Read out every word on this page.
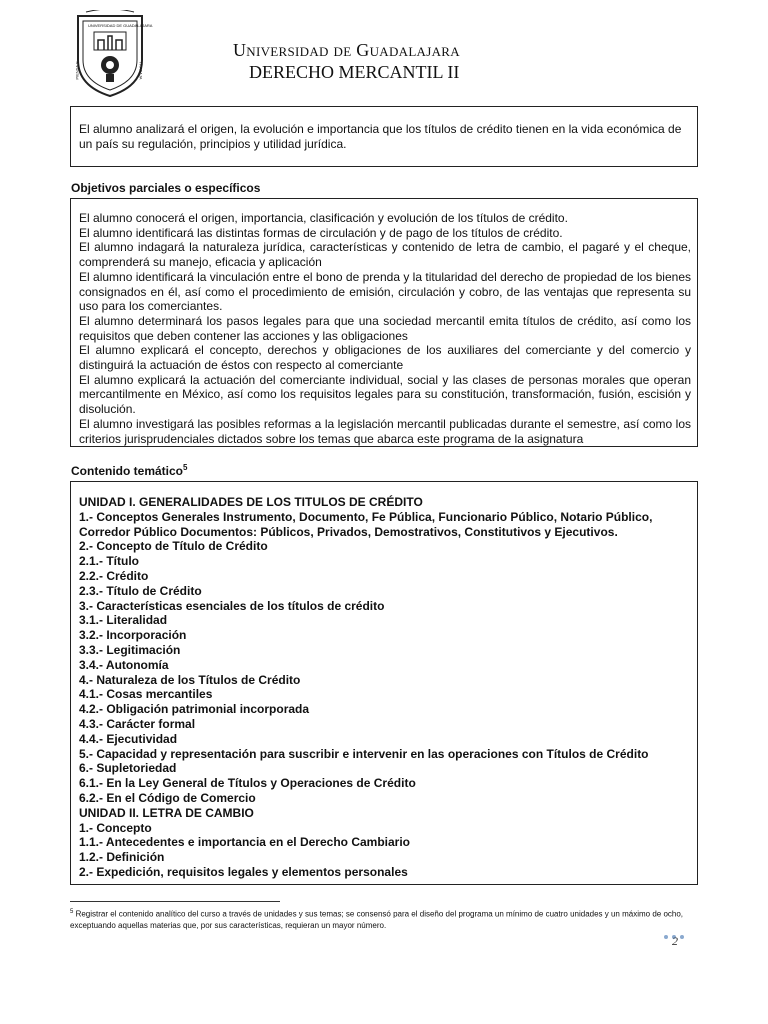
UNIVERSIDAD DE GUADALAJARA
PIENSA Y	TRABAJA
Universidad de Guadalajara
DERECHO MERCANTIL II

El alumno analizará el origen, la evolución e importancia que los títulos de crédito tienen en la vida económica de un país su regulación, principios y utilidad jurídica.

Objetivos parciales o específicos

El alumno conocerá el origen, importancia, clasificación y evolución de los títulos de crédito.

El alumno identificará las distintas formas de circulación y de pago de los títulos de crédito.

El alumno indagará la naturaleza jurídica, características y contenido de letra de cambio, el pagaré y el cheque, comprenderá su manejo, eficacia y aplicación

El alumno identificará la vinculación entre el bono de prenda y la titularidad del derecho de propiedad de los bienes consignados en él, así como el procedimiento de emisión, circulación y cobro, de las ventajas que representa su uso para los comerciantes.

El alumno determinará los pasos legales para que una sociedad mercantil emita títulos de crédito, así como los requisitos que deben contener las acciones y las obligaciones

El alumno explicará el concepto, derechos y obligaciones de los auxiliares del comerciante y del comercio y distinguirá la actuación de éstos con respecto al comerciante

El alumno explicará la actuación del comerciante individual, social y las clases de personas morales que operan mercantilmente en México, así como los requisitos legales para su constitución, transformación, fusión, escisión y disolución.

El alumno investigará las posibles reformas a la legislación mercantil publicadas durante el semestre, así como los criterios jurisprudenciales dictados sobre los temas que abarca este programa de la asignatura

Contenido temático$^5$
UNIDAD I. GENERALIDADES DE LOS TITULOS DE CRÉDITO
1.- Conceptos Generales Instrumento, Documento, Fe Pública, Funcionario Público, Notario Público, Corredor Público Documentos: Públicos, Privados, Demostrativos, Constitutivos y Ejecutivos.
2.- Concepto de Título de Crédito
2.1.- Título
2.2.- Crédito
2.3.- Título de Crédito
3.- Características esenciales de los títulos de crédito
3.1.- Literalidad
3.2.- Incorporación
3.3.- Legitimación
3.4.- Autonomía
4.- Naturaleza de los Títulos de Crédito
4.1.- Cosas mercantiles
4.2.- Obligación patrimonial incorporada
4.3.- Carácter formal
4.4.- Ejecutividad
5.- Capacidad y representación para suscribir e intervenir en las operaciones con Títulos de Crédito
6.- Supletoriedad
6.1.- En la Ley General de Títulos y Operaciones de Crédito
6.2.- En el Código de Comercio
UNIDAD II. LETRA DE CAMBIO
1.- Concepto
1.1.- Antecedentes e importancia en el Derecho Cambiario
1.2.- Definición
2.- Expedición, requisitos legales y elementos personales
$^5$ Registrar el contenido analítico del curso a través de unidades y sus temas; se consensó para el diseño del programa un mínimo de cuatro unidades y un máximo de ocho, exceptuando aquellas materias que, por sus características, requieran un mayor número.
2
